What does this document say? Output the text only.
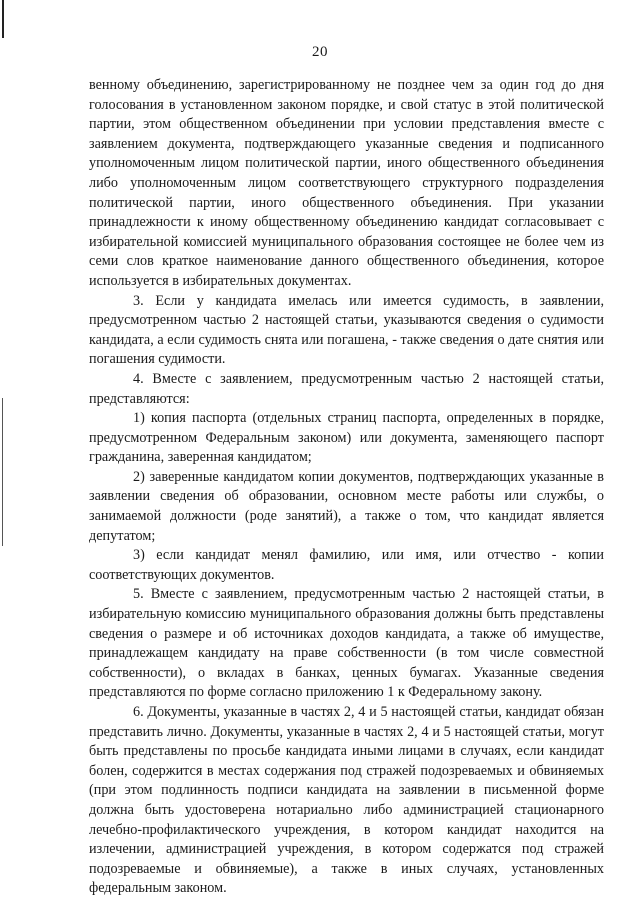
20

венному объединению, зарегистрированному не позднее чем за один год до дня голосования в установленном законом порядке, и свой статус в этой политической партии, этом общественном объединении при условии представления вместе с заявлением документа, подтверждающего указанные сведения и подписанного уполномоченным лицом политической партии, иного общественного объединения либо уполномоченным лицом соответствующего структурного подразделения политической партии, иного общественного объединения. При указании принадлежности к иному общественному объединению кандидат согласовывает с избирательной комиссией муниципального образования состоящее не более чем из семи слов краткое наименование данного общественного объединения, которое используется в избирательных документах.

3. Если у кандидата имелась или имеется судимость, в заявлении, предусмотренном частью 2 настоящей статьи, указываются сведения о судимости кандидата, а если судимость снята или погашена, - также сведения о дате снятия или погашения судимости.

4. Вместе с заявлением, предусмотренным частью 2 настоящей статьи, представляются:

1) копия паспорта (отдельных страниц паспорта, определенных в порядке, предусмотренном Федеральным законом) или документа, заменяющего паспорт гражданина, заверенная кандидатом;

2) заверенные кандидатом копии документов, подтверждающих указанные в заявлении сведения об образовании, основном месте работы или службы, о занимаемой должности (роде занятий), а также о том, что кандидат является депутатом;

3) если кандидат менял фамилию, или имя, или отчество - копии соответствующих документов.

5. Вместе с заявлением, предусмотренным частью 2 настоящей статьи, в избирательную комиссию муниципального образования должны быть представлены сведения о размере и об источниках доходов кандидата, а также об имуществе, принадлежащем кандидату на праве собственности (в том числе совместной собственности), о вкладах в банках, ценных бумагах. Указанные сведения представляются по форме согласно приложению 1 к Федеральному закону.

6. Документы, указанные в частях 2, 4 и 5 настоящей статьи, кандидат обязан представить лично. Документы, указанные в частях 2, 4 и 5 настоящей статьи, могут быть представлены по просьбе кандидата иными лицами в случаях, если кандидат болен, содержится в местах содержания под стражей подозреваемых и обвиняемых (при этом подлинность подписи кандидата на заявлении в письменной форме должна быть удостоверена нотариально либо администрацией стационарного лечебно-профилактического учреждения, в котором кандидат находится на излечении, администрацией учреждения, в котором содержатся под стражей подозреваемые и обвиняемые), а также в иных случаях, установленных федеральным законом.
